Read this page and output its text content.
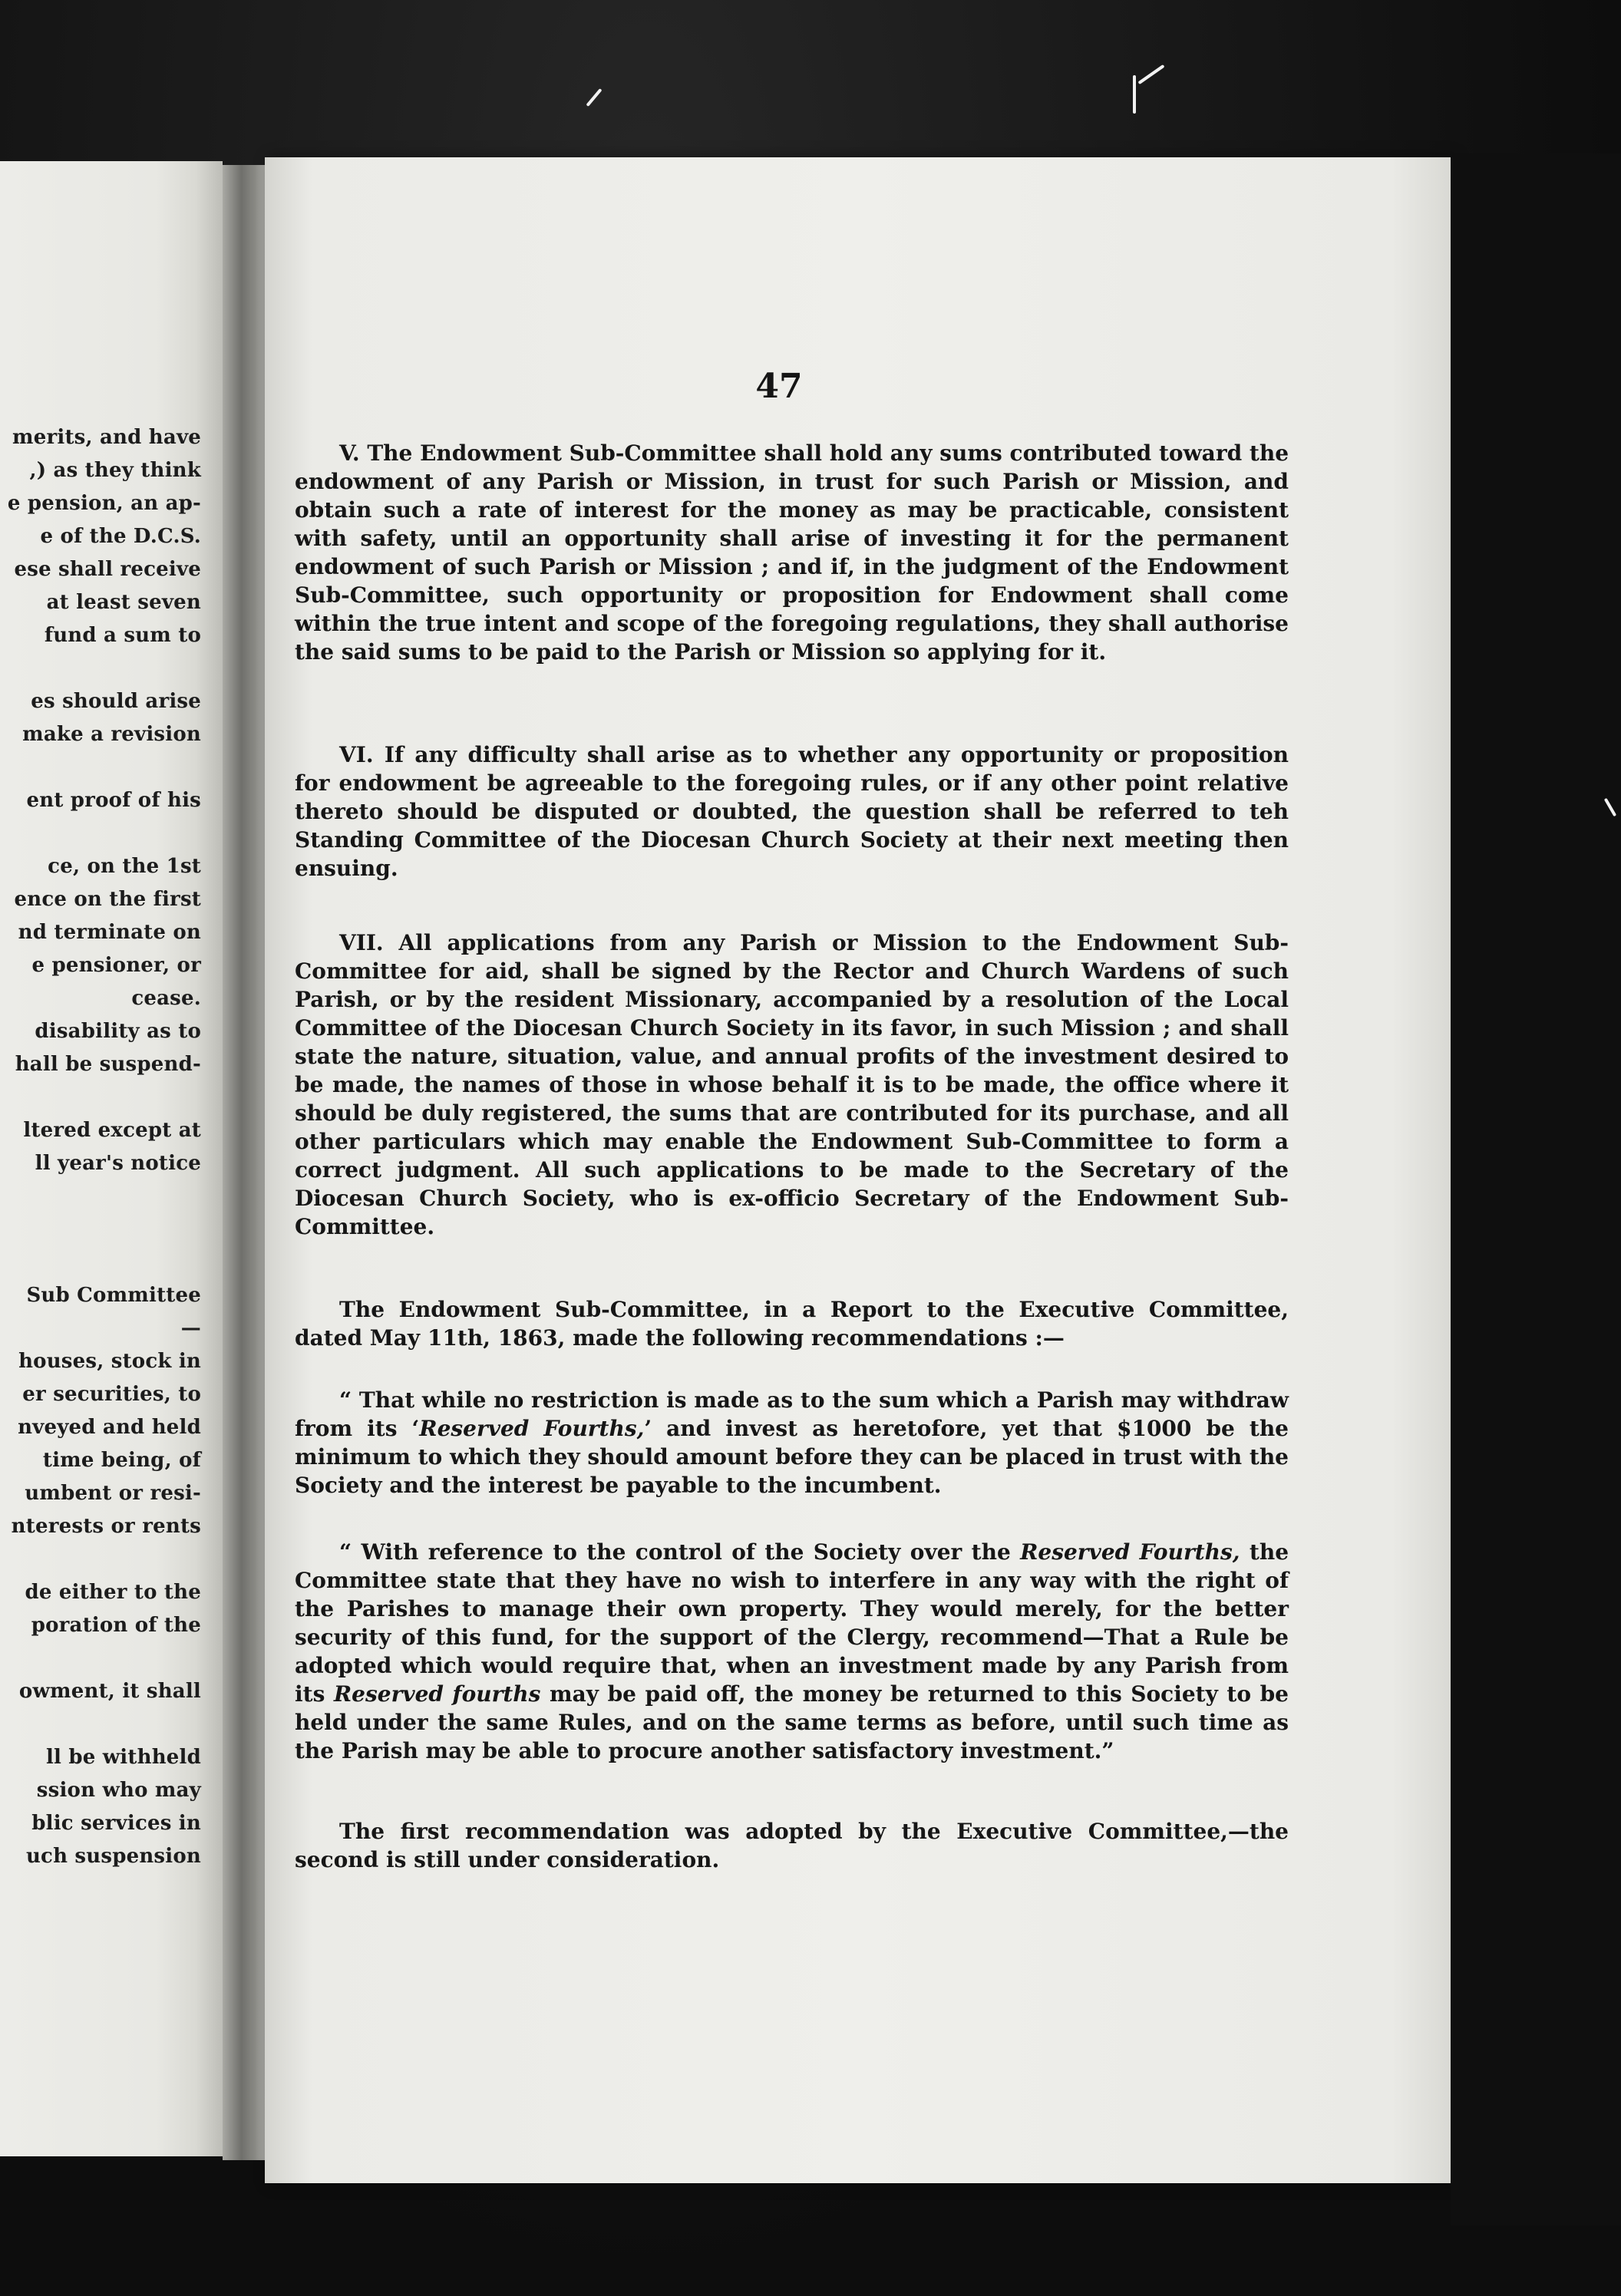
merits, and have
,) as they think
e pension, an ap-
e of the D.C.S.
ese shall receive
at least seven
fund a sum to
es should arise
make a revision
ent proof of his
ce, on the 1st
ence on the first
nd terminate on
e pensioner, or
cease.
disability as to
hall be suspend-
ltered except at
ll year's notice
Sub Committee
—
houses, stock in
er securities, to
nveyed and held
time being, of
umbent or resi-
nterests or rents
de either to the
poration of the
owment, it shall
ll be withheld
ssion who may
blic services in
uch suspension
47

V. The Endowment Sub-Committee shall hold any sums contributed toward the endowment of any Parish or Mission, in trust for such Parish or Mission, and obtain such a rate of interest for the money as may be practicable, consistent with safety, until an opportunity shall arise of investing it for the permanent endowment of such Parish or Mission ; and if, in the judgment of the Endowment Sub-Committee, such opportunity or proposition for Endowment shall come within the true intent and scope of the foregoing regulations, they shall authorise the said sums to be paid to the Parish or Mission so applying for it.

VI. If any difficulty shall arise as to whether any opportunity or proposition for endowment be agreeable to the foregoing rules, or if any other point relative thereto should be disputed or doubted, the question shall be referred to teh Standing Committee of the Diocesan Church Society at their next meeting then ensuing.

VII. All applications from any Parish or Mission to the Endowment Sub-Committee for aid, shall be signed by the Rector and Church Wardens of such Parish, or by the resident Missionary, accompanied by a resolution of the Local Committee of the Diocesan Church Society in its favor, in such Mission ; and shall state the nature, situation, value, and annual profits of the investment desired to be made, the names of those in whose behalf it is to be made, the office where it should be duly registered, the sums that are contributed for its purchase, and all other particulars which may enable the Endowment Sub-Committee to form a correct judgment. All such applications to be made to the Secretary of the Diocesan Church Society, who is ex-officio Secretary of the Endowment Sub-Committee.

The Endowment Sub-Committee, in a Report to the Executive Committee, dated May 11th, 1863, made the following recommendations :—

“ That while no restriction is made as to the sum which a Parish may withdraw from its ‘Reserved Fourths,’ and invest as heretofore, yet that $1000 be the minimum to which they should amount before they can be placed in trust with the Society and the interest be payable to the incumbent.

“ With reference to the control of the Society over the Reserved Fourths, the Committee state that they have no wish to interfere in any way with the right of the Parishes to manage their own property. They would merely, for the better security of this fund, for the support of the Clergy, recommend—That a Rule be adopted which would require that, when an investment made by any Parish from its Reserved fourths may be paid off, the money be returned to this Society to be held under the same Rules, and on the same terms as before, until such time as the Parish may be able to procure another satisfactory investment.”

The first recommendation was adopted by the Executive Committee,—the second is still under consideration.
